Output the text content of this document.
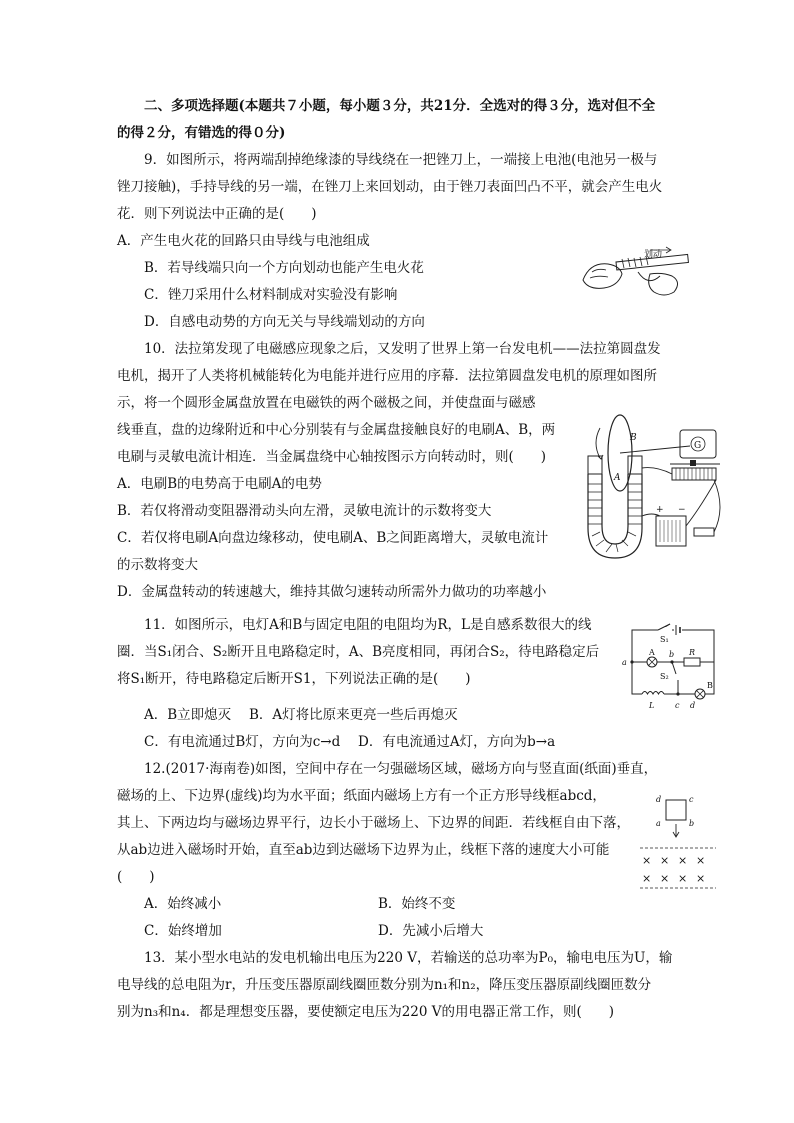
二、多项选择题(本题共７小题，每小题３分，共21分．全选对的得３分，选对但不全
的得２分，有错选的得０分)
9．如图所示，将两端刮掉绝缘漆的导线绕在一把锉刀上，一端接上电池(电池另一极与
锉刀接触)，手持导线的另一端，在锉刀上来回划动，由于锉刀表面凹凸不平，就会产生电火
花．则下列说法中正确的是(　　)
A．产生电火花的回路只由导线与电池组成
B．若导线端只向一个方向划动也能产生电火花
C．锉刀采用什么材料制成对实验没有影响
D．自感电动势的方向无关与导线端划动的方向
划动
10．法拉第发现了电磁感应现象之后，又发明了世界上第一台发电机——法拉第圆盘发
电机，揭开了人类将机械能转化为电能并进行应用的序幕．法拉第圆盘发电机的原理如图所
示，将一个圆形金属盘放置在电磁铁的两个磁极之间，并使盘面与磁感
线垂直，盘的边缘附近和中心分别装有与金属盘接触良好的电刷A、B，两
电刷与灵敏电流计相连．当金属盘绕中心轴按图示方向转动时，则(　　)
A．电刷B的电势高于电刷A的电势
B．若仅将滑动变阻器滑动头向左滑，灵敏电流计的示数将变大
C．若仅将电刷A向盘边缘移动，使电刷A、B之间距离增大，灵敏电流计
的示数将变大
D．金属盘转动的转速越大，维持其做匀速转动所需外力做功的功率越小
G
B
A
+ −
11．如图所示，电灯A和B与固定电阻的电阻均为R，L是自感系数很大的线
圈．当S₁闭合、S₂断开且电路稳定时，A、B亮度相同，再闭合S₂，待电路稳定后
将S₁断开，待电路稳定后断开S1，下列说法正确的是(　　)
A．B立即熄灭　 B．A灯将比原来更亮一些后再熄灭
C．有电流通过B灯，方向为c→d　 D．有电流通过A灯，方向为b→a
S₁
A b R
a
S₂
L	c
B
d
12.(2017·海南卷)如图，空间中存在一匀强磁场区域，磁场方向与竖直面(纸面)垂直，
磁场的上、下边界(虚线)均为水平面；纸面内磁场上方有一个正方形导线框abcd，
其上、下两边均与磁场边界平行，边长小于磁场上、下边界的间距．若线框自由下落，
从ab边进入磁场时开始，直至ab边到达磁场下边界为止，线框下落的速度大小可能
(　　)
A．始终减小	B．始终不变
C．始终增加	D．先减小后增大
d	c
a	b
× × × ×
× × × ×
13．某小型水电站的发电机输出电压为220 V，若输送的总功率为P₀，输电电压为U，输
电导线的总电阻为r，升压变压器原副线圈匝数分别为n₁和n₂，降压变压器原副线圈匝数分
别为n₃和n₄．都是理想变压器，要使额定电压为220 V的用电器正常工作，则(　　)
